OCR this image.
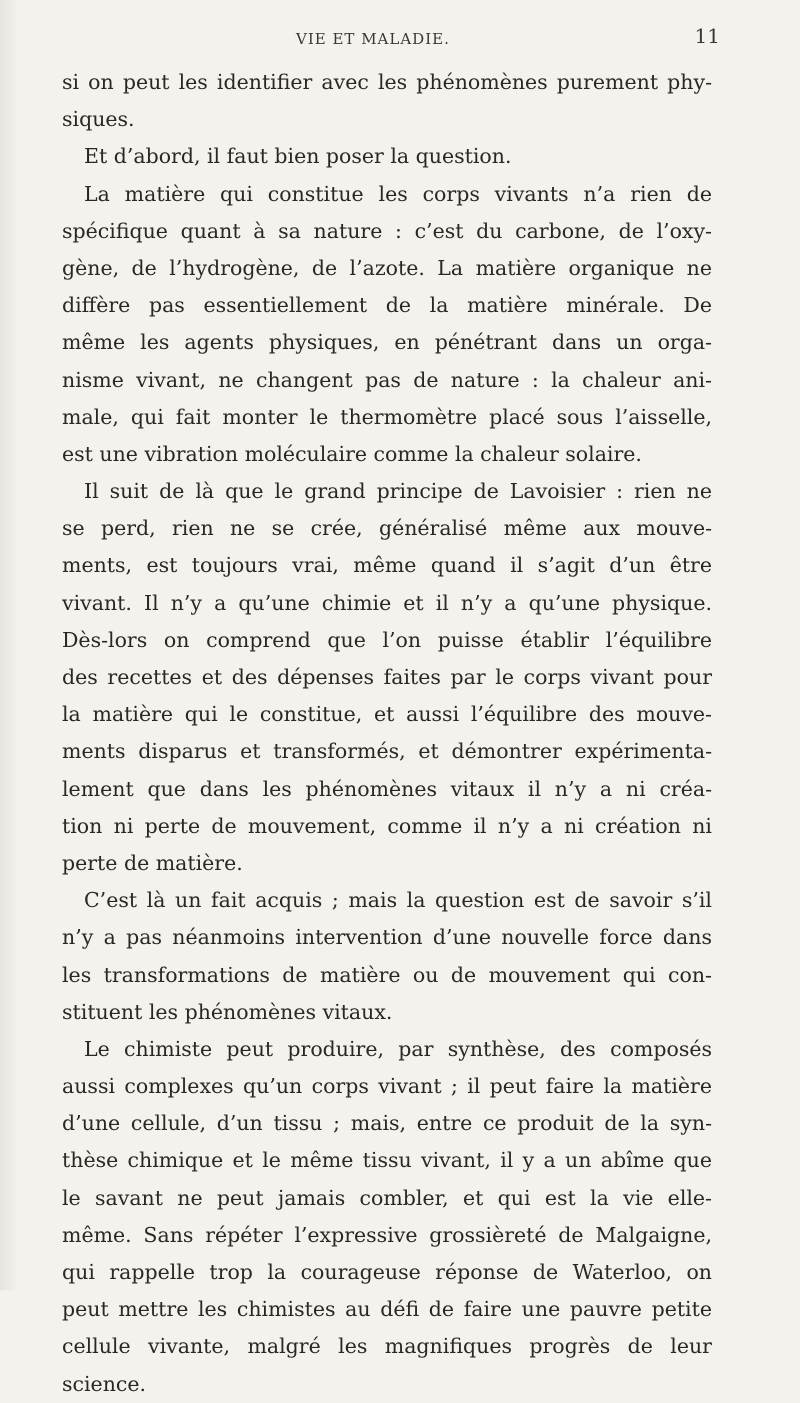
VIE ET MALADIE.	11
si on peut les identifier avec les phénomènes purement phy-
siques.
Et d’abord, il faut bien poser la question.
La matière qui constitue les corps vivants n’a rien de
spécifique quant à sa nature : c’est du carbone, de l’oxy-
gène, de l’hydrogène, de l’azote. La matière organique ne
diffère pas essentiellement de la matière minérale. De
même les agents physiques, en pénétrant dans un orga-
nisme vivant, ne changent pas de nature : la chaleur ani-
male, qui fait monter le thermomètre placé sous l’aisselle,
est une vibration moléculaire comme la chaleur solaire.
Il suit de là que le grand principe de Lavoisier : rien ne
se perd, rien ne se crée, généralisé même aux mouve-
ments, est toujours vrai, même quand il s’agit d’un être
vivant. Il n’y a qu’une chimie et il n’y a qu’une physique.
Dès-lors on comprend que l’on puisse établir l’équilibre
des recettes et des dépenses faites par le corps vivant pour
la matière qui le constitue, et aussi l’équilibre des mouve-
ments disparus et transformés, et démontrer expérimenta-
lement que dans les phénomènes vitaux il n’y a ni créa-
tion ni perte de mouvement, comme il n’y a ni création ni
perte de matière.
C’est là un fait acquis ; mais la question est de savoir s’il
n’y a pas néanmoins intervention d’une nouvelle force dans
les transformations de matière ou de mouvement qui con-
stituent les phénomènes vitaux.
Le chimiste peut produire, par synthèse, des composés
aussi complexes qu’un corps vivant ; il peut faire la matière
d’une cellule, d’un tissu ; mais, entre ce produit de la syn-
thèse chimique et le même tissu vivant, il y a un abîme que
le savant ne peut jamais combler, et qui est la vie elle-
même. Sans répéter l’expressive grossièreté de Malgaigne,
qui rappelle trop la courageuse réponse de Waterloo, on
peut mettre les chimistes au défi de faire une pauvre petite
cellule vivante, malgré les magnifiques progrès de leur
science.
